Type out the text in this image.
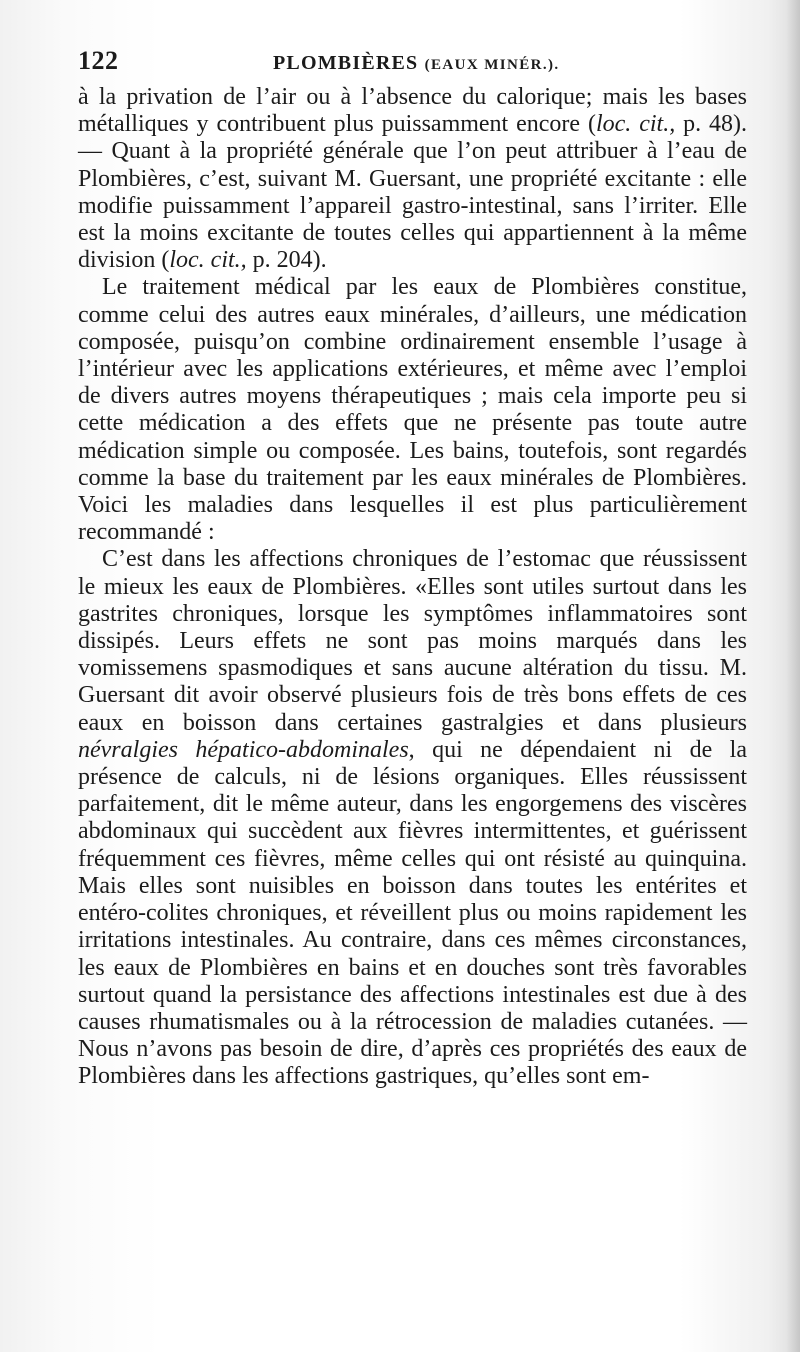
122	PLOMBIÈRES (EAUX MINÉR.).

à la privation de l’air ou à l’absence du calorique; mais les bases métalliques y contribuent plus puissamment encore (loc. cit., p. 48). — Quant à la propriété générale que l’on peut attribuer à l’eau de Plombières, c’est, suivant M. Guersant, une propriété excitante : elle modifie puissamment l’appareil gastro-intestinal, sans l’irriter. Elle est la moins excitante de toutes celles qui appartiennent à la même division (loc. cit., p. 204).

Le traitement médical par les eaux de Plombières constitue, comme celui des autres eaux minérales, d’ailleurs, une médication composée, puisqu’on combine ordinairement ensemble l’usage à l’intérieur avec les applications extérieures, et même avec l’emploi de divers autres moyens thérapeutiques ; mais cela importe peu si cette médication a des effets que ne présente pas toute autre médication simple ou composée. Les bains, toutefois, sont regardés comme la base du traitement par les eaux minérales de Plombières. Voici les maladies dans lesquelles il est plus particulièrement recommandé :

C’est dans les affections chroniques de l’estomac que réussissent le mieux les eaux de Plombières. «Elles sont utiles surtout dans les gastrites chroniques, lorsque les symptômes inflammatoires sont dissipés. Leurs effets ne sont pas moins marqués dans les vomissemens spasmodiques et sans aucune altération du tissu. M. Guersant dit avoir observé plusieurs fois de très bons effets de ces eaux en boisson dans certaines gastralgies et dans plusieurs névralgies hépatico-abdominales, qui ne dépendaient ni de la présence de calculs, ni de lésions organiques. Elles réussissent parfaitement, dit le même auteur, dans les engorgemens des viscères abdominaux qui succèdent aux fièvres intermittentes, et guérissent fréquemment ces fièvres, même celles qui ont résisté au quinquina. Mais elles sont nuisibles en boisson dans toutes les entérites et entéro-colites chroniques, et réveillent plus ou moins rapidement les irritations intestinales. Au contraire, dans ces mêmes circonstances, les eaux de Plombières en bains et en douches sont très favorables surtout quand la persistance des affections intestinales est due à des causes rhumatismales ou à la rétrocession de maladies cutanées. — Nous n’avons pas besoin de dire, d’après ces propriétés des eaux de Plombières dans les affections gastriques, qu’elles sont em-
